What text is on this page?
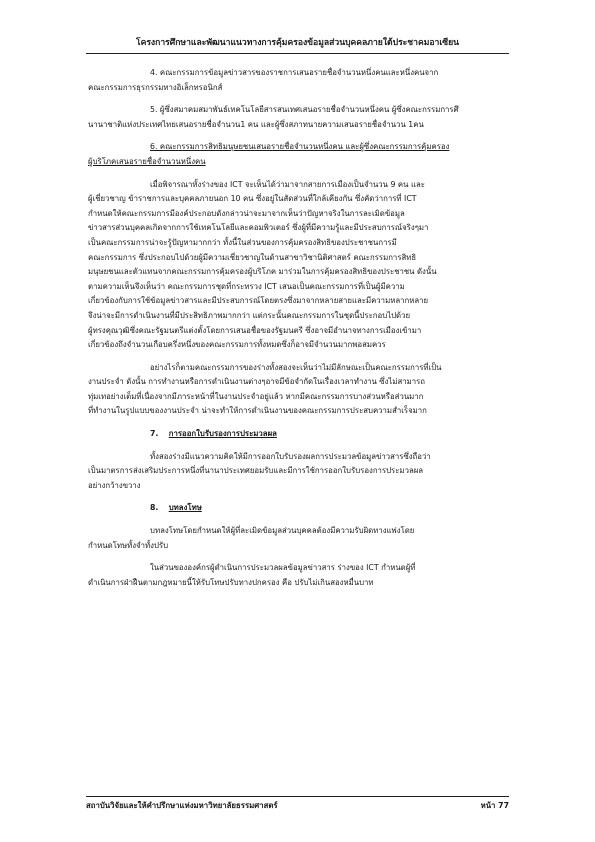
โครงการศึกษาและพัฒนาแนวทางการคุ้มครองข้อมูลส่วนบุคคลภายใต้ประชาคมอาเซียน
4. คณะกรรมการข้อมูลข่าวสารของราชการเสนอรายชื่อจำนวนหนึ่งคนและหนึ่งคนจาก
คณะกรรมการธุรกรรมทางอิเล็กทรอนิกส์
5. ผู้ซึ่งสมาคมสมาพันธ์เทคโนโลยีสารสนเทศเสนอรายชื่อจำนวนหนึ่งคน ผู้ซึ่งคณะกรรมการศึ
นานาชาติแห่งประเทศไทยเสนอรายชื่อจำนวน1 คน และผู้ซึ่งสภาทนายความเสนอรายชื่อจำนวน 1คน
6. คณะกรรมการสิทธิมนุษยชนเสนอรายชื่อจำนวนหนึ่งคน และผู้ซึ่งคณะกรรมการคุ้มครอง
ผู้บริโภคเสนอรายชื่อจำนวนหนึ่งคน
เมื่อพิจารณาทั้งร่างของ ICT จะเห็นได้ว่ามาจากสายการเมืองเป็นจำนวน 9 คน และ
ผู้เชี่ยวชาญ ข้าราชการและบุคคลภายนอก 10 คน ซึ่งอยู่ในสัดส่วนที่ใกล้เคียงกัน ซึ่งคัดว่าการที่ ICT
กำหนดให้คณะกรรมการมีองค์ประกอบดังกล่าวน่าจะมาจากเห็นว่าปัญหาจริงในการละเมิดข้อมูล
ข่าวสารส่วนบุคคลเกิดจากการใช้เทคโนโลยีและคอมพิวเตอร์ ซึ่งผู้ที่มีความรู้และมีประสบการณ์จริงๆมา
เป็นคณะกรรมการน่าจะรู้ปัญหามากกว่า ทั้งนี้ในส่วนของการคุ้มครองสิทธิของประชาชนการมี
คณะกรรมการ ซึ่งประกอบไปด้วยผู้มีความเชี่ยวชาญในด้านสาขาวิชานิติศาสตร์ คณะกรรมการสิทธิ
มนุษยชนและตัวแทนจากคณะกรรมการคุ้มครองผู้บริโภค มาร่วมในการคุ้มครองสิทธิของประชาชน ดังนั้น
ตามความเห็นจึงเห็นว่า คณะกรรมการชุดที่กระทรวง ICT เสนอเป็นคณะกรรมการที่เป็นผู้มีความ
เกี่ยวข้องกับการใช้ข้อมูลข่าวสารและมีประสบการณ์โดยตรงซึ่งมาจากหลายสายและมีความหลากหลาย
จึงน่าจะมีการดำเนินงานที่มีประสิทธิภาพมากกว่า แต่กระนั้นคณะกรรมการในชุดนี้ประกอบไปด้วย
ผู้ทรงคุณวุฒิซึ่งคณะรัฐมนตรีแต่งตั้งโดยการเสนอชื่อของรัฐมนตรี ซึ่งอาจมีอำนาจทางการเมืองเข้ามา
เกี่ยวข้องถึงจำนวนเกือบครึ่งหนึ่งของคณะกรรมการทั้งหมดซึ่งก็อาจมีจำนวนมากพอสมควร
อย่างไรก็ตามคณะกรรมการของร่างทั้งสองจะเห็นว่าไม่มีลักษณะเป็นคณะกรรมการที่เป็น
งานประจำ ดังนั้น การทำงานหรือการดำเนินงานต่างๆอาจมีข้อจำกัดในเรื่องเวลาทำงาน ซึ่งไม่สามารถ
ทุ่มเทอย่างเต็มที่เนื่องจากมีภาระหน้าที่ในงานประจำอยู่แล้ว หากมีคณะกรรมการบางส่วนหรือส่วนมาก
ที่ทำงานในรูปแบบของงานประจำ น่าจะทำให้การดำเนินงานของคณะกรรมการประสบความสำเร็จมาก
7. การออกใบรับรองการประมวลผล
ทั้งสองร่างมีแนวความคิดให้มีการออกใบรับรองผลการประมวลข้อมูลข่าวสารซึ่งถือว่า
เป็นมาตรการส่งเสริมประการหนึ่งที่นานาประเทศยอมรับและมีการใช้การออกใบรับรองการประมวลผล
อย่างกว้างขวาง
8. บทลงโทษ
บทลงโทษโดยกำหนดให้ผู้ที่ละเมิดข้อมูลส่วนบุคคลต้องมีความรับผิดทางแพ่งโดย
กำหนดโทษทั้งจำทั้งปรับ
ในส่วนขององค์กรผู้ดำเนินการประมวลผลข้อมูลข่าวสาร ร่างของ ICT กำหนดผู้ที่
ดำเนินการฝ่าฝืนตามกฎหมายนี้ให้รับโทษปรับทางปกครอง คือ ปรับไม่เกินสองหมื่นบาท
สถาบันวิจัยและให้คำปรึกษาแห่งมหาวิทยาลัยธรรมศาสตร์	หน้า 77
